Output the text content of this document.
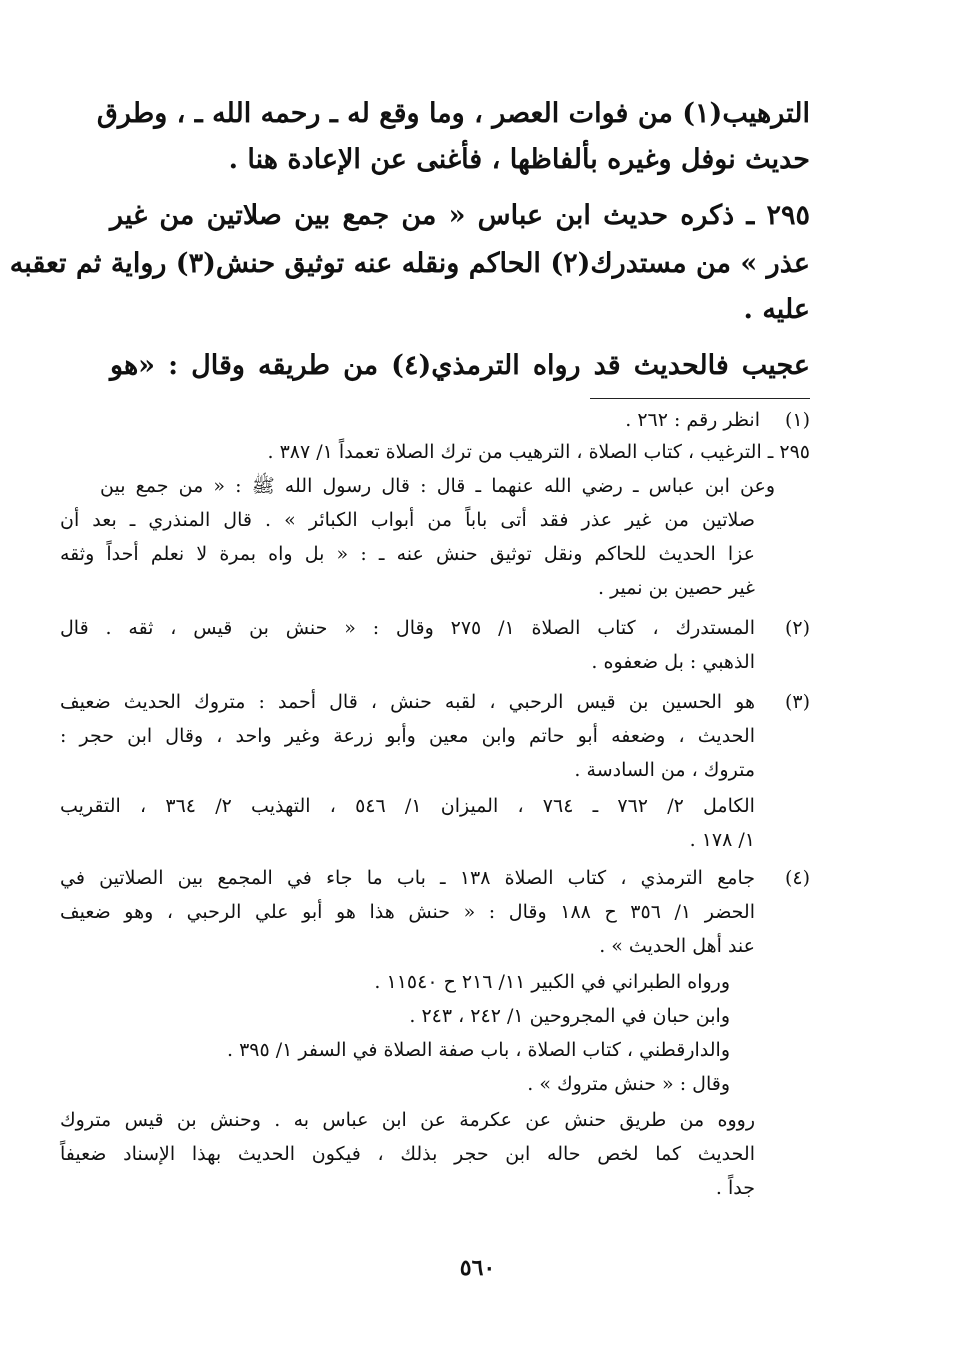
الترهيب(١) من فوات العصر ، وما وقع له ـ رحمه الله ـ ، وطرق
حديث نوفل وغيره بألفاظها ، فأغنى عن الإعادة هنا .
٢٩٥ ـ ذكره حديث ابن عباس « من جمع بين صلاتين من غير
عذر » من مستدرك(٢) الحاكم ونقله عنه توثيق حنش(٣) رواية ثم تعقبه
عليه .
عجيب فالحديث قد رواه الترمذي(٤) من طريقه وقال : «هو
(١)
انظر رقم : ٢٦٢ .
٢٩٥ ـ الترغيب ، كتاب الصلاة ، الترهيب من ترك الصلاة تعمداً ١/ ٣٨٧ .
وعن ابن عباس ـ رضي الله عنهما ـ قال : قال رسول الله ﷺ : « من جمع بين
صلاتين من غير عذر فقد أتى باباً من أبواب الكبائر » . قال المنذري ـ بعد أن
عزا الحديث للحاكم ونقل توثيق حنش عنه ـ : « بل واه بمرة لا نعلم أحداً وثقه
غير حصين بن نمير .
(٢)
المستدرك ، كتاب الصلاة ١/ ٢٧٥ وقال : « حنش بن قيس ، ثقه . قال
الذهبي : بل ضعفوه .
(٣)
هو الحسين بن قيس الرحبي ، لقبه حنش ، قال أحمد : متروك الحديث ضعيف
الحديث ، وضعفه أبو حاتم وابن معين وأبو زرعة وغير واحد ، وقال ابن حجر :
متروك ، من السادسة .
الكامل ٢/ ٧٦٢ ـ ٧٦٤ ، الميزان ١/ ٥٤٦ ، التهذيب ٢/ ٣٦٤ ، التقريب
١/ ١٧٨ .
(٤)
جامع الترمذي ، كتاب الصلاة ١٣٨ ـ باب ما جاء في المجمع بين الصلاتين في
الحضر ١/ ٣٥٦ ح ١٨٨ وقال : « حنش هذا هو أبو علي الرحبي ، وهو ضعيف
عند أهل الحديث » .
ورواه الطبراني في الكبير ١١/ ٢١٦ ح ١١٥٤٠ .
وابن حبان في المجروحين ١/ ٢٤٢ ، ٢٤٣ .
والدارقطني ، كتاب الصلاة ، باب صفة الصلاة في السفر ١/ ٣٩٥ .
وقال : « حنش متروك » .
رووه من طريق حنش عن عكرمة عن ابن عباس به . وحنش بن قيس متروك
الحديث كما لخص حاله ابن حجر بذلك ، فيكون الحديث بهذا الإسناد ضعيفاً
جداً .
٥٦٠
